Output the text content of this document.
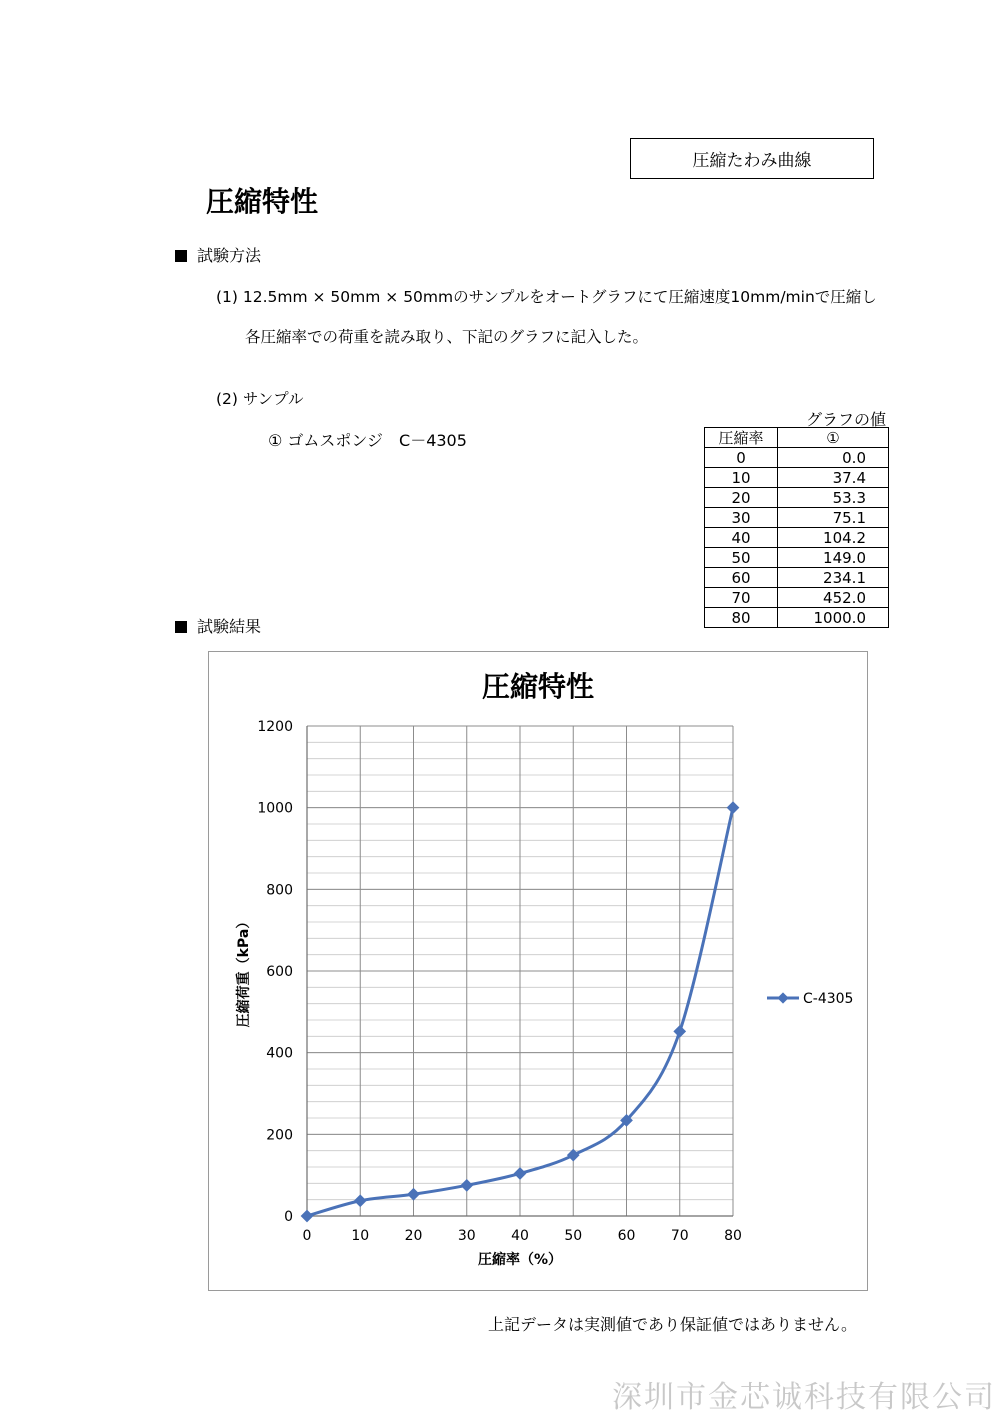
圧縮たわみ曲線
圧縮特性
試験方法
(1) 12.5mm × 50mm × 50mmのサンプルをオートグラフにて圧縮速度10mm/minで圧縮し
各圧縮率での荷重を読み取り、下記のグラフに記入した。
(2) サンプル
① ゴムスポンジ　C－4305
グラフの値
圧縮率	①
0	0.0
10	37.4
20	53.3
30	75.1
40	104.2
50	149.0
60	234.1
70	452.0
80	1000.0
試験結果
0
200
400
600
800
1000
1200
0	10	20	30	40	50	60	70	80
圧縮特性
圧縮率（%）
圧縮荷重（kPa）	C-4305
上記データは実測値であり保証値ではありません。
深圳市金芯诚科技有限公司
